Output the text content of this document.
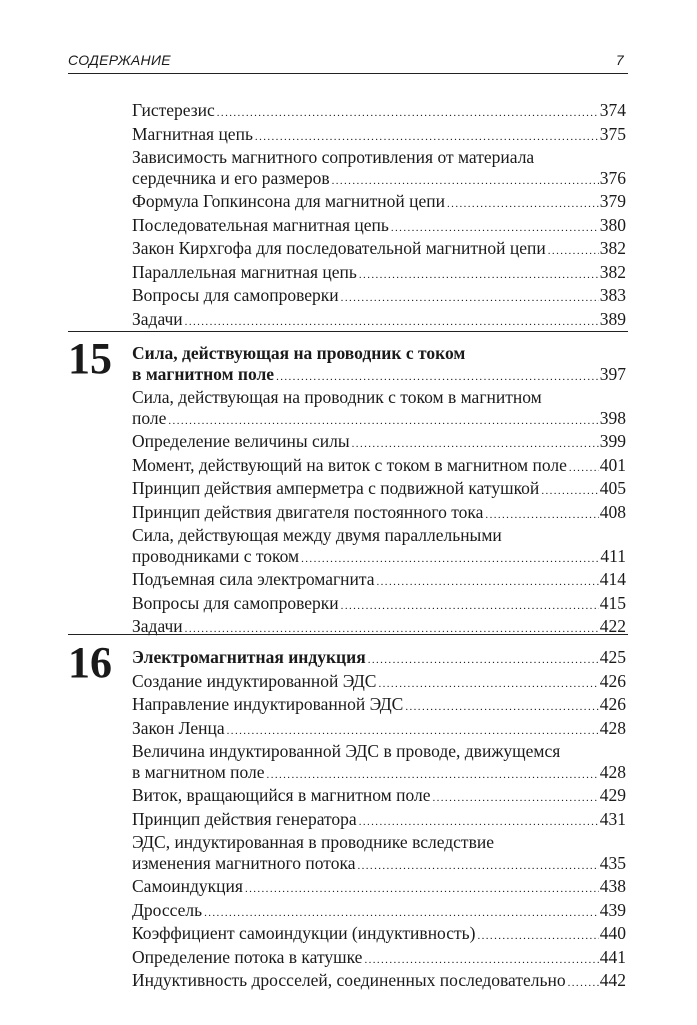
СОДЕРЖАНИЕ	7
Гистерезис .....	374
Магнитная цепь .....	375
Зависимость магнитного сопротивления от материала
сердечника и его размеров .....	376
Формула Гопкинсона для магнитной цепи .....	379
Последовательная магнитная цепь .....	380
Закон Кирхгофа для последовательной магнитной цепи .....	382
Параллельная магнитная цепь .....	382
Вопросы для самопроверки .....	383
Задачи .....	389
15 Сила, действующая на проводник с током
в магнитном поле .....	397
Сила, действующая на проводник с током в магнитном
поле .....	398
Определение величины силы .....	399
Момент, действующий на виток с током в магнитном поле ..... 401
Принцип действия амперметра с подвижной катушкой .....	405
Принцип действия двигателя постоянного тока .....	408
Сила, действующая между двумя параллельными
проводниками с током .....	411
Подъемная сила электромагнита .....	414
Вопросы для самопроверки .....	415
Задачи .....	422
16 Электромагнитная индукция .....	425
Создание индуктированной ЭДС .....	426
Направление индуктированной ЭДС .....	426
Закон Ленца .....	428
Величина индуктированной ЭДС в проводе, движущемся
в магнитном поле .....	428
Виток, вращающийся в магнитном поле .....	429
Принцип действия генератора .....	431
ЭДС, индуктированная в проводнике вследствие
изменения магнитного потока .....	435
Самоиндукция .....	438
Дроссель .....	439
Коэффициент самоиндукции (индуктивность) .....	440
Определение потока в катушке .....	441
Индуктивность дросселей, соединенных последовательно ..... 442
